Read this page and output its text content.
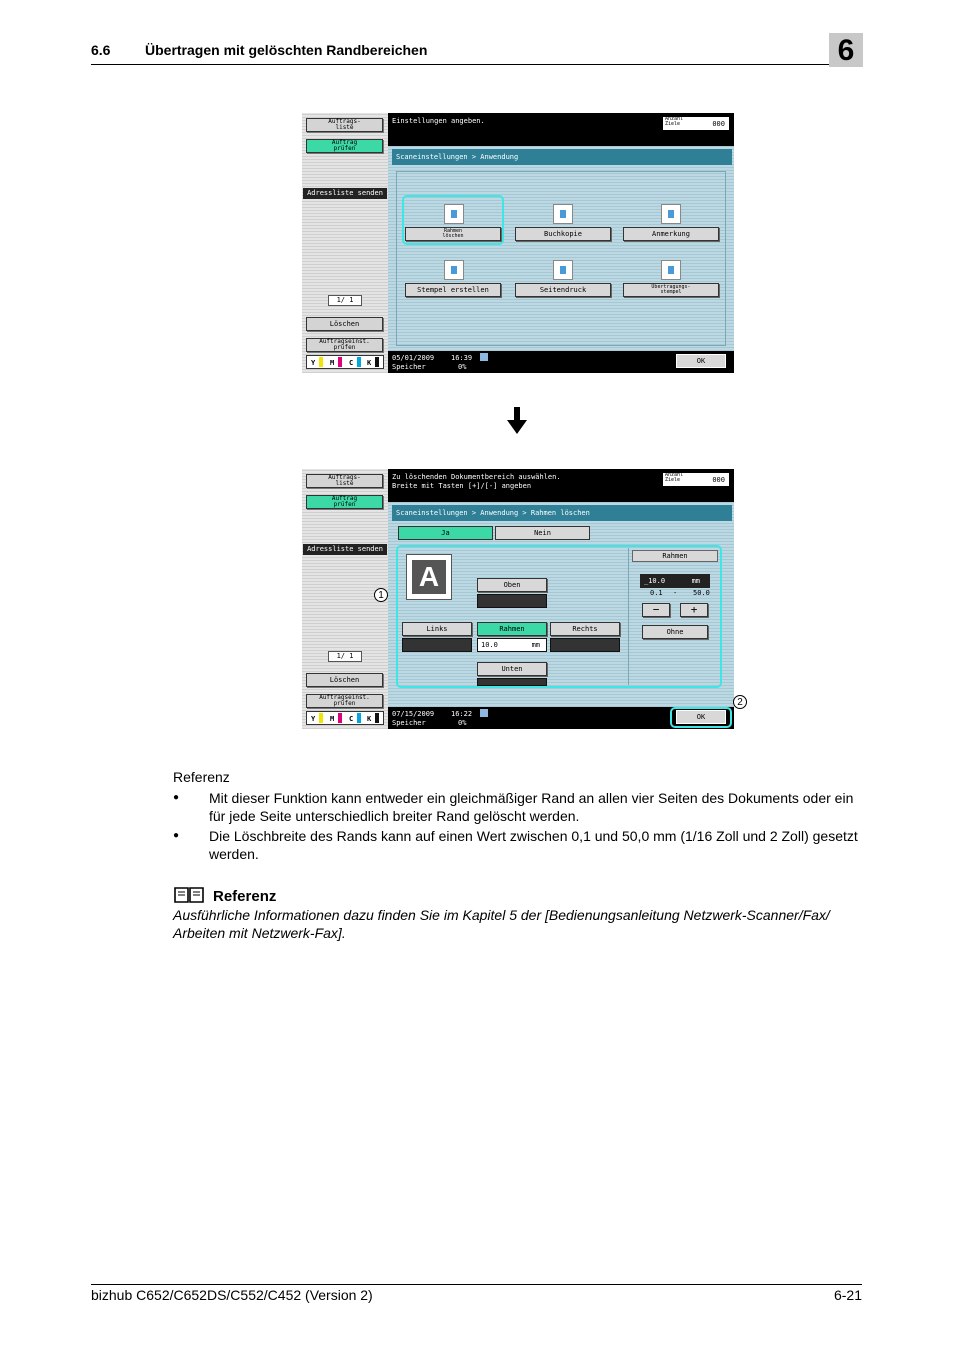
6.6 Übertragen mit gelöschten Randbereichen	6
Auftrags-
liste
Auftrag
prüfen
Adressliste senden
1/ 1
Löschen
Auftragseinst.
prüfen
Y M C K
Einstellungen angeben.	Anzahl
Ziele	000
Scaneinstellungen > Anwendung
Rahmen
löschen	Buchkopie	Anmerkung
Stempel erstellen	Seitendruck	Übertragungs-
stempel
05/01/2009    16:39
Speicher	0%
OK
Auftrags-
liste
Auftrag
prüfen
Adressliste senden
1/ 1
Löschen
Auftragseinst.
prüfen
Y M C K
Zu löschenden Dokumentbereich auswählen.
Breite mit Tasten [+]/[-] angeben
Anzahl
Ziele	000
Scaneinstellungen > Anwendung > Rahmen löschen
Ja	Nein
A	Oben
Links	Rahmen
10.0	mm
Rechts
Unten
Rahmen
_10.0	mm
0.1 - 50.0
−	+
Ohne
07/15/2009    16:22
Speicher	0%
OK
1
2
Referenz
● Mit dieser Funktion kann entweder ein gleichmäßiger Rand an allen vier Seiten des Dokuments oder ein für jede Seite unterschiedlich breiter Rand gelöscht werden.
● Die Löschbreite des Rands kann auf einen Wert zwischen 0,1 und 50,0 mm (1/16 Zoll und 2 Zoll) gesetzt werden.
Referenz
Ausführliche Informationen dazu finden Sie im Kapitel 5 der [Bedienungsanleitung Netzwerk-Scanner/Fax/ Arbeiten mit Netzwerk-Fax].
bizhub C652/C652DS/C552/C452 (Version 2)	6-21
